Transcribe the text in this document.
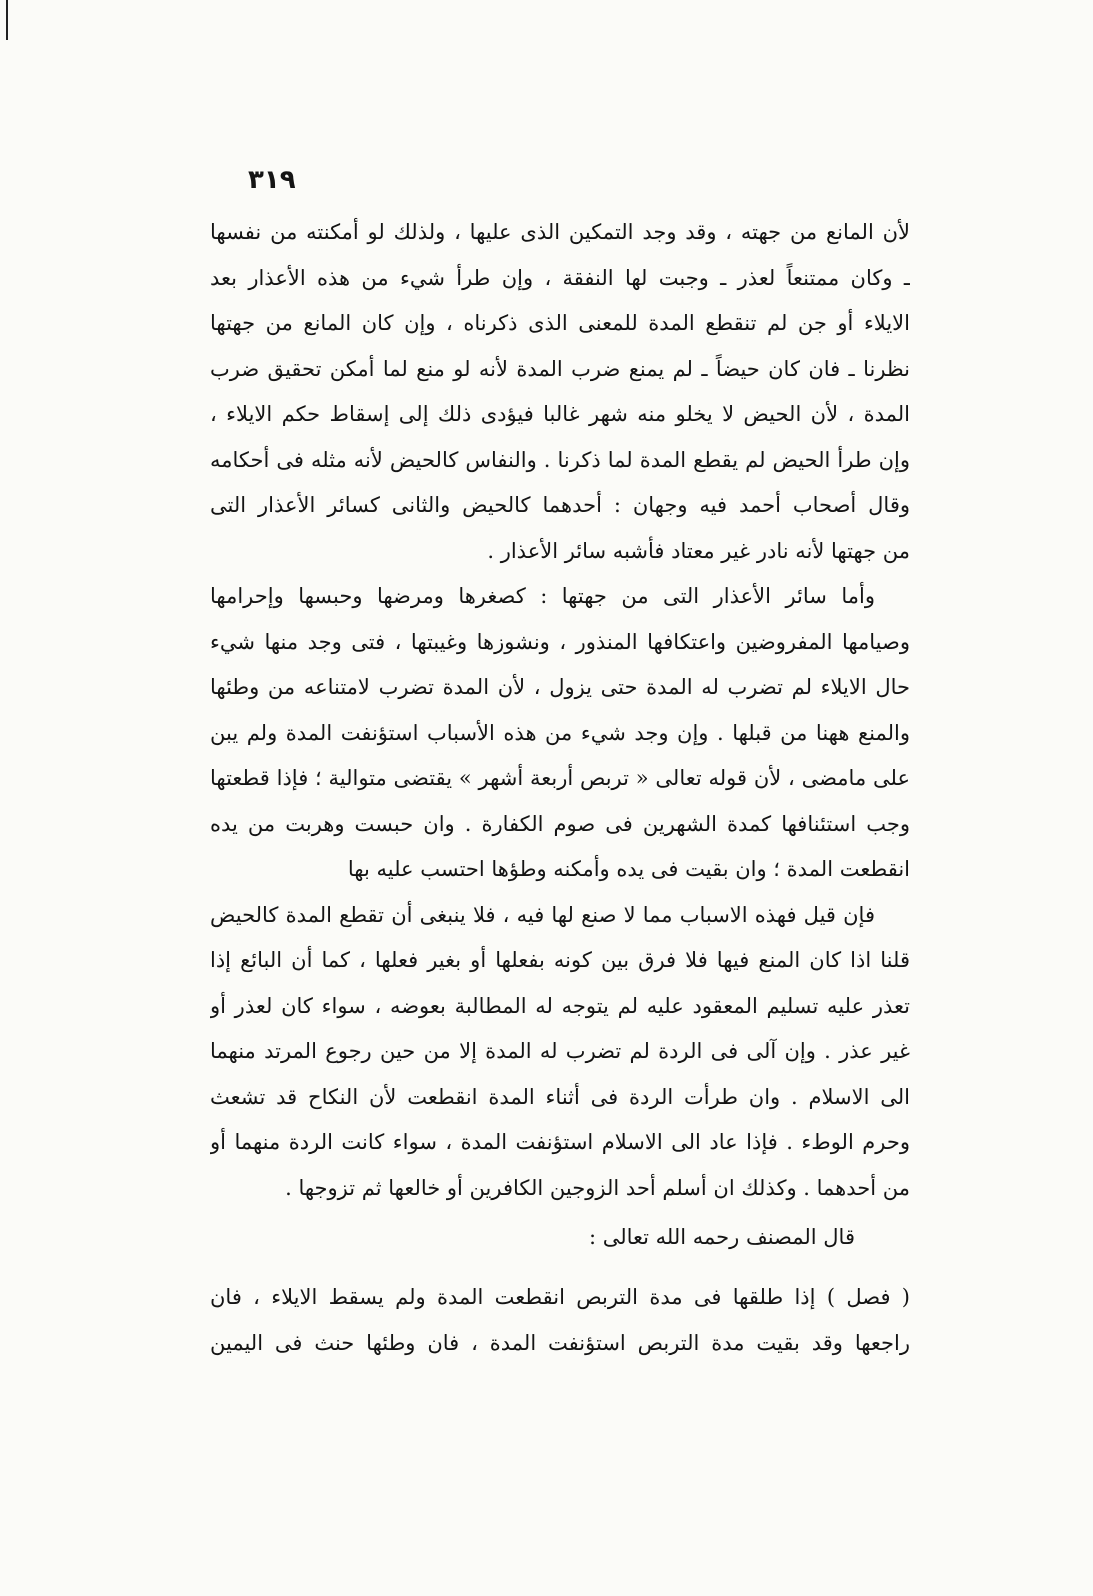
٣١٩
لأن المانع من جهته ، وقد وجد التمكين الذى عليها ، ولذلك لو أمكنته من نفسها
ـ وكان ممتنعاً لعذر ـ وجبت لها النفقة ، وإن طرأ شيء من هذه الأعذار بعد
الايلاء أو جن لم تنقطع المدة للمعنى الذى ذكرناه ، وإن كان المانع من جهتها
نظرنا ـ فان كان حيضاً ـ لم يمنع ضرب المدة لأنه لو منع لما أمكن تحقيق ضرب
المدة ، لأن الحيض لا يخلو منه شهر غالبا فيؤدى ذلك إلى إسقاط حكم الايلاء ،
وإن طرأ الحيض لم يقطع المدة لما ذكرنا . والنفاس كالحيض لأنه مثله فى أحكامه
وقال أصحاب أحمد فيه وجهان : أحدهما كالحيض والثانى كسائر الأعذار التى
من جهتها لأنه نادر غير معتاد فأشبه سائر الأعذار .
وأما سائر الأعذار التى من جهتها : كصغرها ومرضها وحبسها وإحرامها
وصيامها المفروضين واعتكافها المنذور ، ونشوزها وغيبتها ، فتى وجد منها شيء
حال الايلاء لم تضرب له المدة حتى يزول ، لأن المدة تضرب لامتناعه من وطئها
والمنع ههنا من قبلها . وإن وجد شيء من هذه الأسباب استؤنفت المدة ولم يبن
على مامضى ، لأن قوله تعالى « تربص أربعة أشهر » يقتضى متوالية ؛ فإذا قطعتها
وجب استئنافها كمدة الشهرين فى صوم الكفارة . وان حبست وهربت من يده
انقطعت المدة ؛ وان بقيت فى يده وأمكنه وطؤها احتسب عليه بها
فإن قيل فهذه الاسباب مما لا صنع لها فيه ، فلا ينبغى أن تقطع المدة كالحيض
قلنا اذا كان المنع فيها فلا فرق بين كونه بفعلها أو بغير فعلها ، كما أن البائع إذا
تعذر عليه تسليم المعقود عليه لم يتوجه له المطالبة بعوضه ، سواء كان لعذر أو
غير عذر . وإن آلى فى الردة لم تضرب له المدة إلا من حين رجوع المرتد منهما
الى الاسلام . وان طرأت الردة فى أثناء المدة انقطعت لأن النكاح قد تشعث
وحرم الوطء . فإذا عاد الى الاسلام استؤنفت المدة ، سواء كانت الردة منهما أو
من أحدهما . وكذلك ان أسلم أحد الزوجين الكافرين أو خالعها ثم تزوجها .
قال المصنف رحمه الله تعالى :
( فصل ) إذا طلقها فى مدة التربص انقطعت المدة ولم يسقط الايلاء ، فان
راجعها وقد بقيت مدة التربص استؤنفت المدة ، فان وطئها حنث فى اليمين
